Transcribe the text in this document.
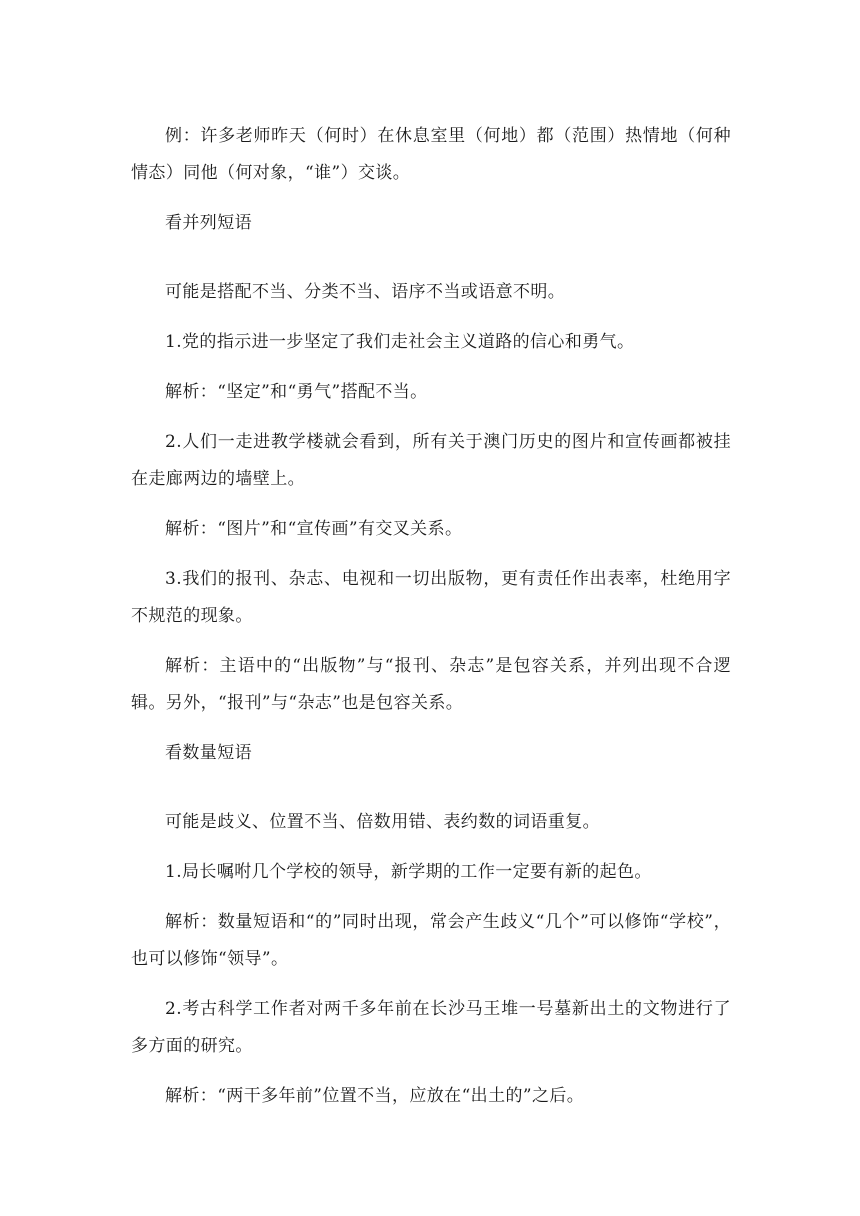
例：许多老师昨天（何时）在休息室里（何地）都（范围）热情地（何种情态）同他（何对象，“谁”）交谈。

看并列短语

可能是搭配不当、分类不当、语序不当或语意不明。

1.党的指示进一步坚定了我们走社会主义道路的信心和勇气。

解析：“坚定”和“勇气”搭配不当。

2.人们一走进教学楼就会看到，所有关于澳门历史的图片和宣传画都被挂在走廊两边的墙壁上。

解析：“图片”和“宣传画”有交叉关系。

3.我们的报刊、杂志、电视和一切出版物，更有责任作出表率，杜绝用字不规范的现象。

解析：主语中的“出版物”与“报刊、杂志”是包容关系，并列出现不合逻辑。另外，“报刊”与“杂志”也是包容关系。

看数量短语

可能是歧义、位置不当、倍数用错、表约数的词语重复。

1.局长嘱咐几个学校的领导，新学期的工作一定要有新的起色。

解析：数量短语和“的”同时出现，常会产生歧义“几个”可以修饰“学校”，也可以修饰“领导”。

2.考古科学工作者对两千多年前在长沙马王堆一号墓新出土的文物进行了多方面的研究。

解析：“两干多年前”位置不当，应放在“出土的”之后。
